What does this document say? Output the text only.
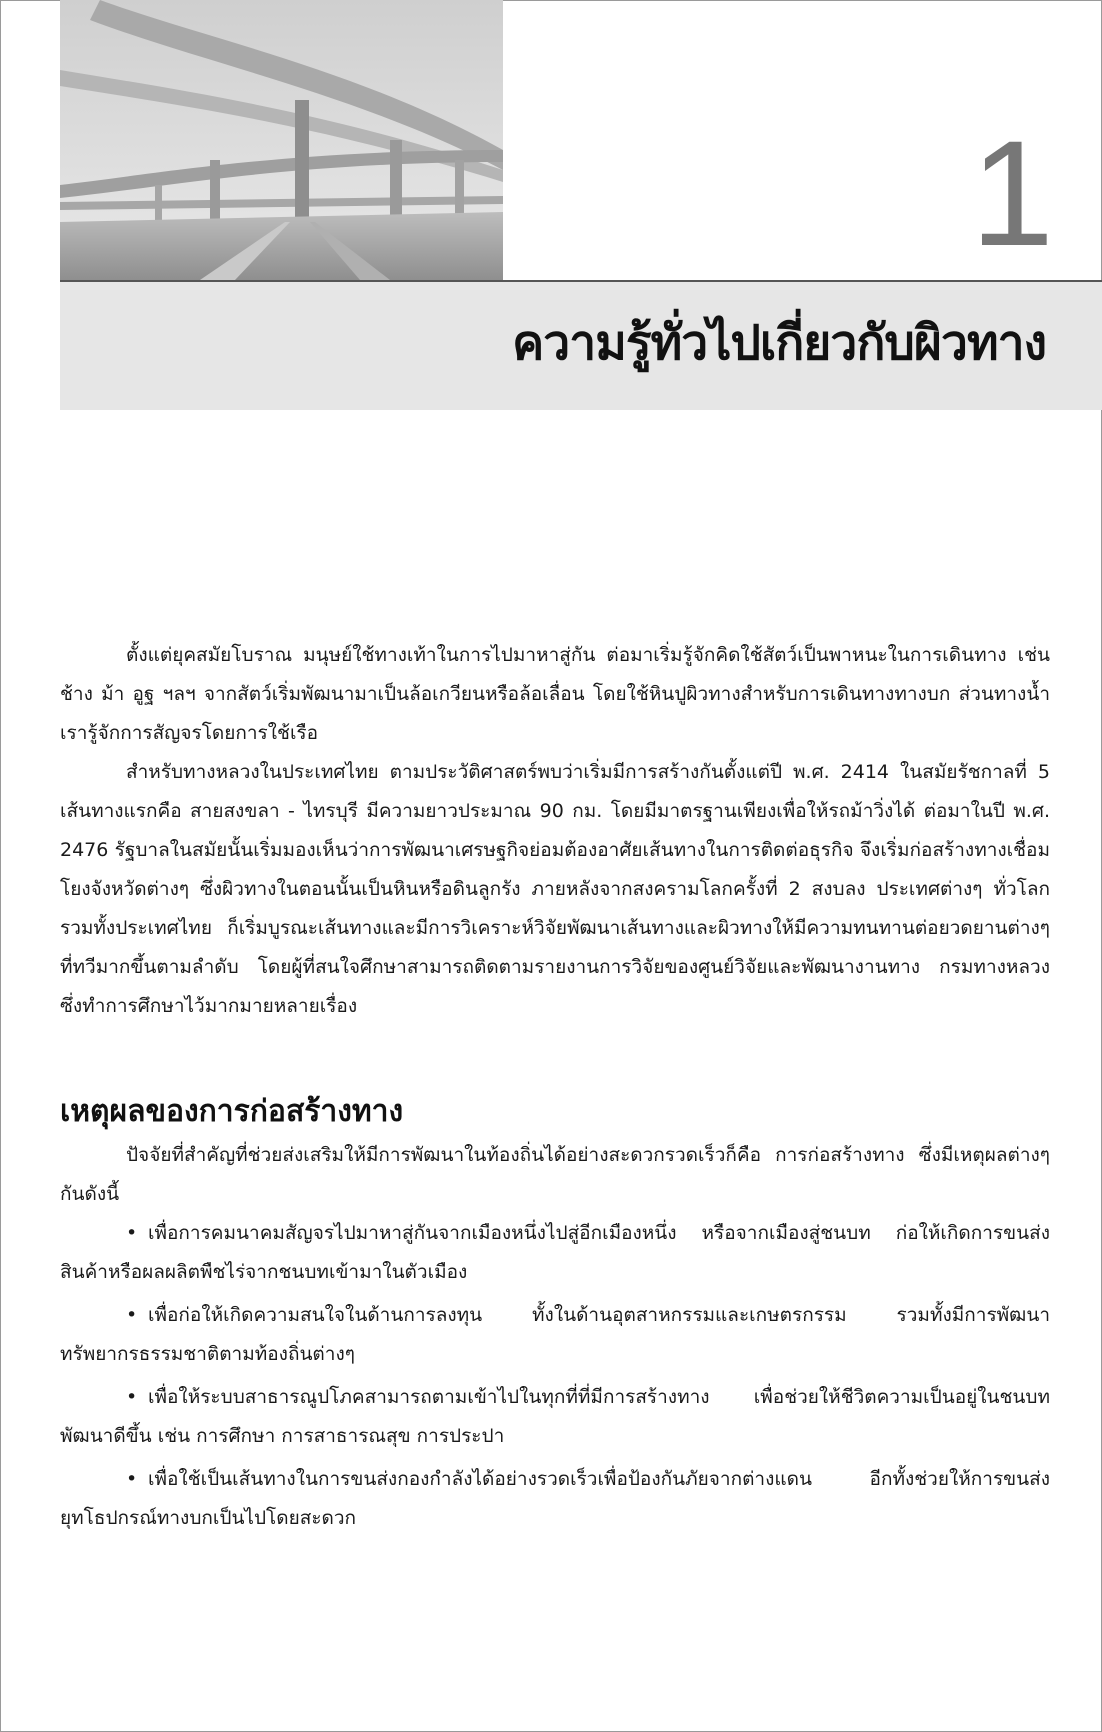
1
ความรู้ทั่วไปเกี่ยวกับผิวทาง

ตั้งแต่ยุคสมัยโบราณ มนุษย์ใช้ทางเท้าในการไปมาหาสู่กัน ต่อมาเริ่มรู้จักคิดใช้สัตว์เป็นพาหนะในการเดินทาง เช่น ช้าง ม้า อูฐ ฯลฯ จากสัตว์เริ่มพัฒนามาเป็นล้อเกวียนหรือล้อเลื่อน โดยใช้หินปูผิวทางสำหรับการเดินทางทางบก ส่วนทางน้ำ เรารู้จักการสัญจรโดยการใช้เรือ

สำหรับทางหลวงในประเทศไทย ตามประวัติศาสตร์พบว่าเริ่มมีการสร้างกันตั้งแต่ปี พ.ศ. 2414 ในสมัยรัชกาลที่ 5 เส้นทางแรกคือ สายสงขลา - ไทรบุรี มีความยาวประมาณ 90 กม. โดยมีมาตรฐานเพียงเพื่อให้รถม้าวิ่งได้ ต่อมาในปี พ.ศ. 2476 รัฐบาลในสมัยนั้นเริ่มมองเห็นว่าการพัฒนาเศรษฐกิจย่อมต้องอาศัยเส้นทางในการติดต่อธุรกิจ จึงเริ่มก่อสร้างทางเชื่อมโยงจังหวัดต่างๆ ซึ่งผิวทางในตอนนั้นเป็นหินหรือดินลูกรัง ภายหลังจากสงครามโลกครั้งที่ 2 สงบลง ประเทศต่างๆ ทั่วโลกรวมทั้งประเทศไทย ก็เริ่มบูรณะเส้นทางและมีการวิเคราะห์วิจัยพัฒนาเส้นทางและผิวทางให้มีความทนทานต่อยวดยานต่างๆ ที่ทวีมากขึ้นตามลำดับ โดยผู้ที่สนใจศึกษาสามารถติดตามรายงานการวิจัยของศูนย์วิจัยและพัฒนางานทาง กรมทางหลวง ซึ่งทำการศึกษาไว้มากมายหลายเรื่อง

เหตุผลของการก่อสร้างทาง

ปัจจัยที่สำคัญที่ช่วยส่งเสริมให้มีการพัฒนาในท้องถิ่นได้อย่างสะดวกรวดเร็วก็คือ การก่อสร้างทาง ซึ่งมีเหตุผลต่างๆ กันดังนี้

• เพื่อการคมนาคมสัญจรไปมาหาสู่กันจากเมืองหนึ่งไปสู่อีกเมืองหนึ่ง หรือจากเมืองสู่ชนบท ก่อให้เกิดการขนส่งสินค้าหรือผลผลิตพืชไร่จากชนบทเข้ามาในตัวเมือง
• เพื่อก่อให้เกิดความสนใจในด้านการลงทุน ทั้งในด้านอุตสาหกรรมและเกษตรกรรม รวมทั้งมีการพัฒนาทรัพยากรธรรมชาติตามท้องถิ่นต่างๆ
• เพื่อให้ระบบสาธารณูปโภคสามารถตามเข้าไปในทุกที่ที่มีการสร้างทาง เพื่อช่วยให้ชีวิตความเป็นอยู่ในชนบทพัฒนาดีขึ้น เช่น การศึกษา การสาธารณสุข การประปา
• เพื่อใช้เป็นเส้นทางในการขนส่งกองกำลังได้อย่างรวดเร็วเพื่อป้องกันภัยจากต่างแดน อีกทั้งช่วยให้การขนส่งยุทโธปกรณ์ทางบกเป็นไปโดยสะดวก
